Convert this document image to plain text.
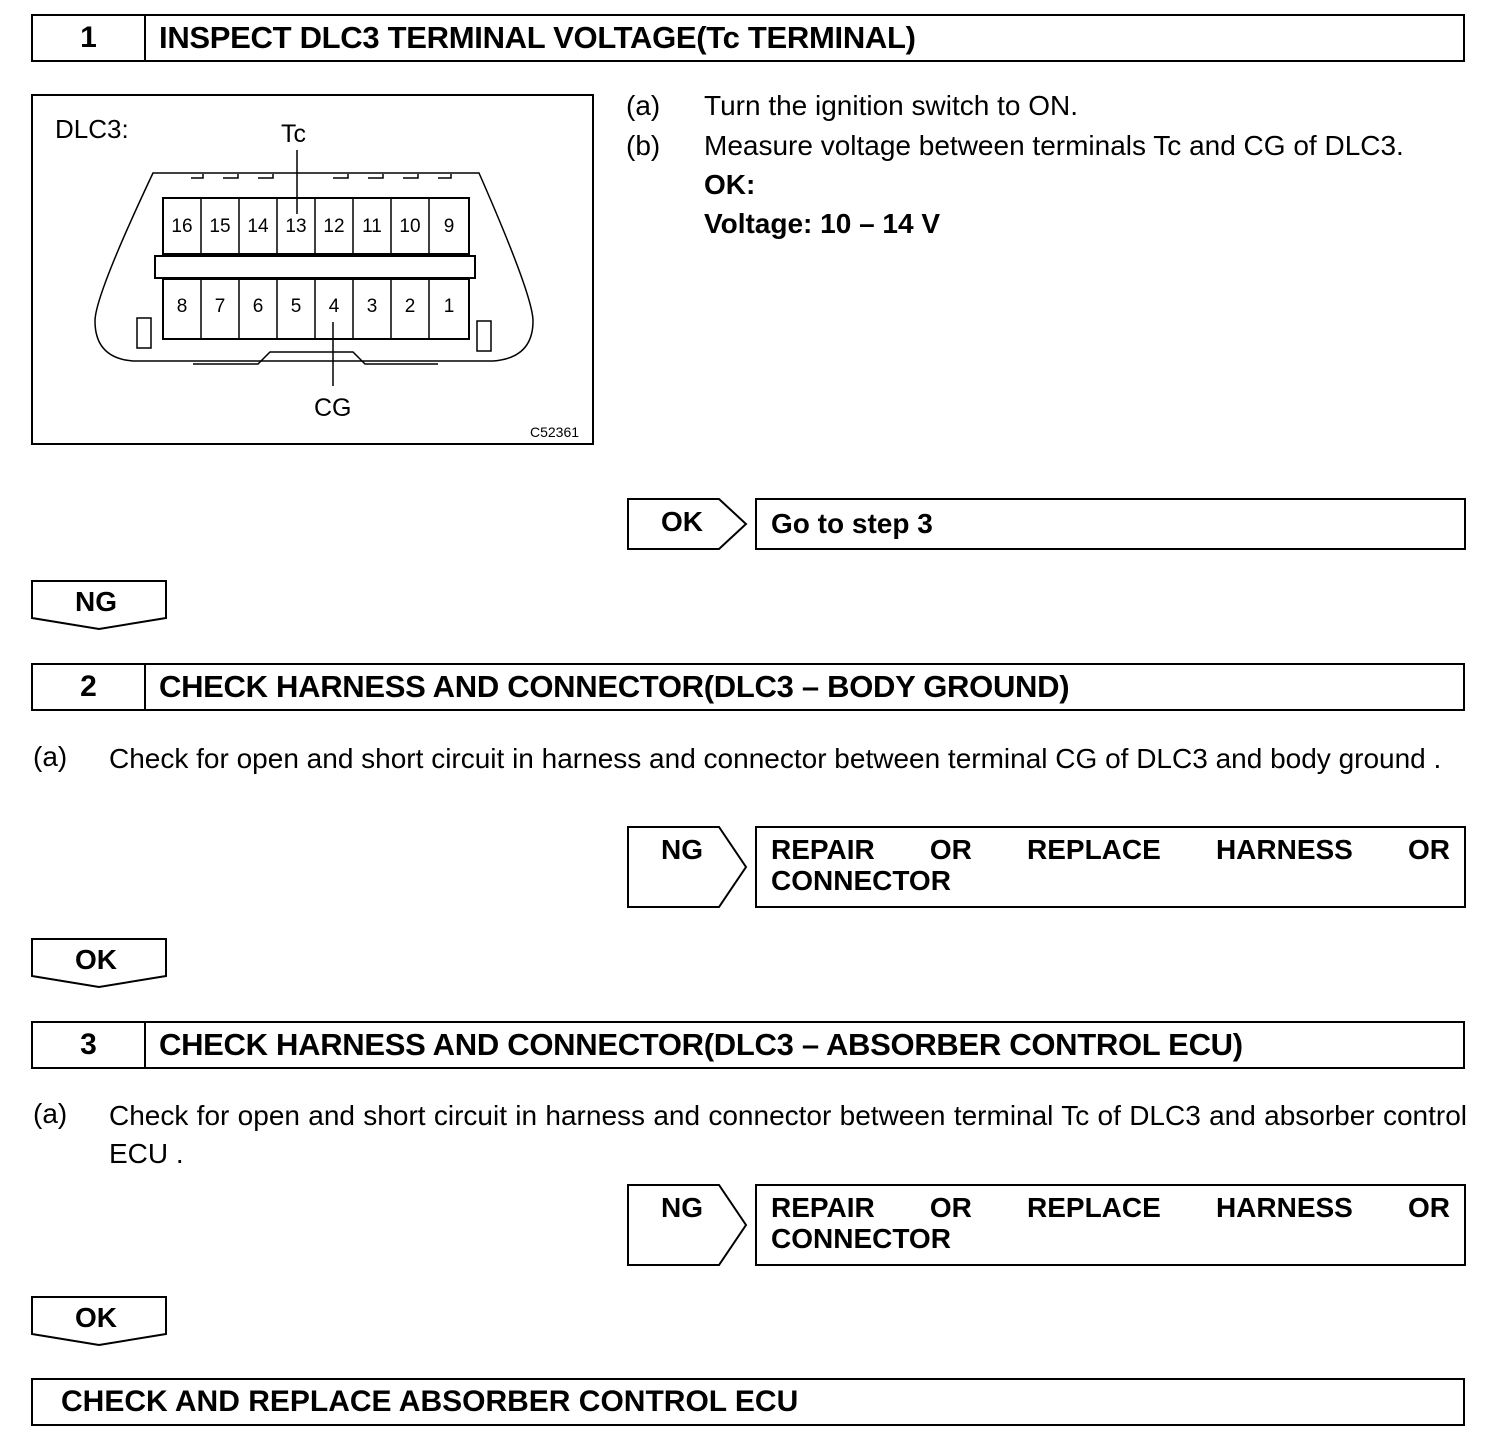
1	INSPECT DLC3 TERMINAL VOLTAGE(Tc TERMINAL)
DLC3:	Tc
CG
C52361
16 15 14 13 12 11 10	9
8	7	6	5	4	3	2	1
(a) Turn the ignition switch to ON.
(b) Measure voltage between terminals Tc and CG of DLC3.
OK:
Voltage: 10 – 14 V
OK	Go to step 3
NG
2	CHECK HARNESS AND CONNECTOR(DLC3 – BODY GROUND)
(a) Check for open and short circuit in harness and connector between terminal CG of DLC3 and body ground .
NG	REPAIR OR REPLACE HARNESS OR
CONNECTOR
OK
3	CHECK HARNESS AND CONNECTOR(DLC3 – ABSORBER CONTROL ECU)
(a) Check for open and short circuit in harness and connector between terminal Tc of DLC3 and absorber control ECU .
NG	REPAIR OR REPLACE HARNESS OR
CONNECTOR
OK
CHECK AND REPLACE ABSORBER CONTROL ECU
